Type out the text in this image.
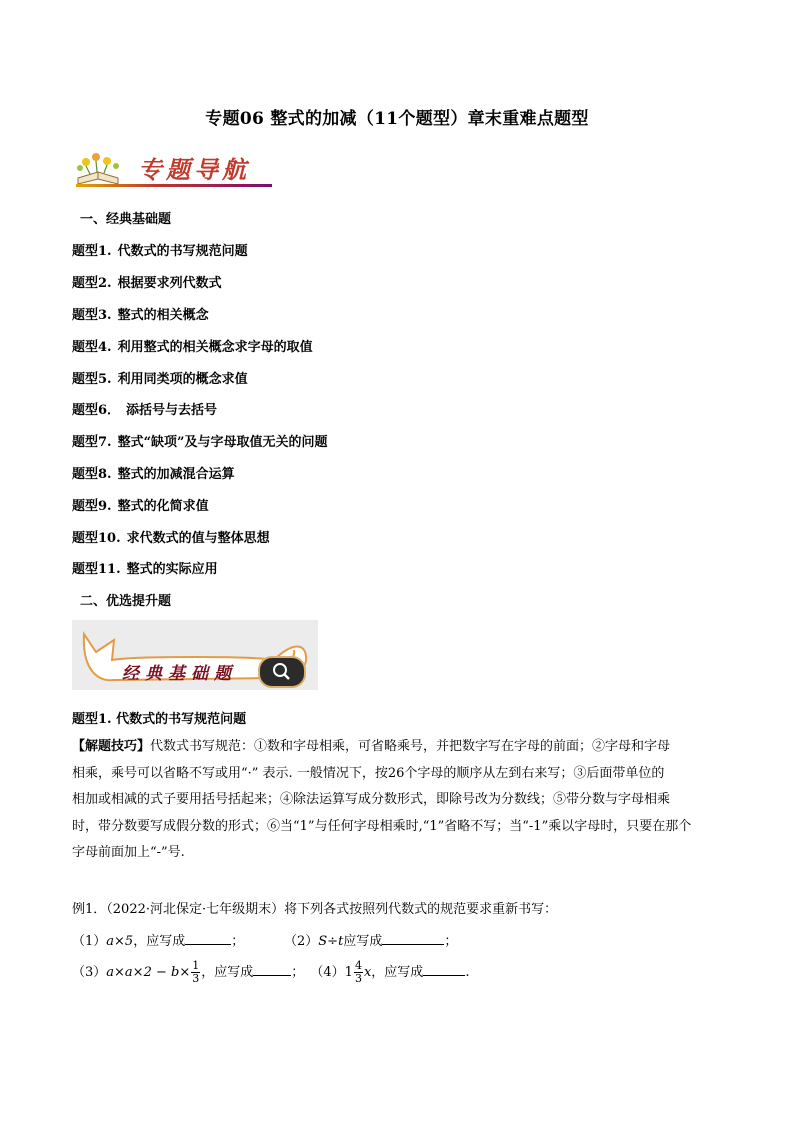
专题06 整式的加减（11个题型）章末重难点题型
专题导航
一、经典基础题
题型1. 代数式的书写规范问题
题型2. 根据要求列代数式
题型3. 整式的相关概念
题型4. 利用整式的相关概念求字母的取值
题型5. 利用同类项的概念求值
题型6． 添括号与去括号
题型7. 整式“缺项”及与字母取值无关的问题
题型8. 整式的加减混合运算
题型9. 整式的化简求值
题型10. 求代数式的值与整体思想
题型11. 整式的实际应用
二、优选提升题
经典基础题
题型1. 代数式的书写规范问题
【解题技巧】代数式书写规范：①数和字母相乘，可省略乘号，并把数字写在字母的前面；②字母和字母
相乘，乘号可以省略不写或用“·” 表示. 一般情况下，按26个字母的顺序从左到右来写；③后面带单位的
相加或相减的式子要用括号括起来；④除法运算写成分数形式，即除号改为分数线；⑤带分数与字母相乘
时，带分数要写成假分数的形式；⑥当“1”与任何字母相乘时,“1”省略不写；当“-1”乘以字母时，只要在那个
字母前面加上“-”号.
例1．（2022·河北保定·七年级期末）将下列各式按照列代数式的规范要求重新书写：
（1）a×5，应写成	；	（2）S÷t应写成	；
$(3)a\times a\times 2 - b\times \frac{1}{3}$ ，应写成	； $(4)1 \frac{4}{3}$ x，应写成	.
